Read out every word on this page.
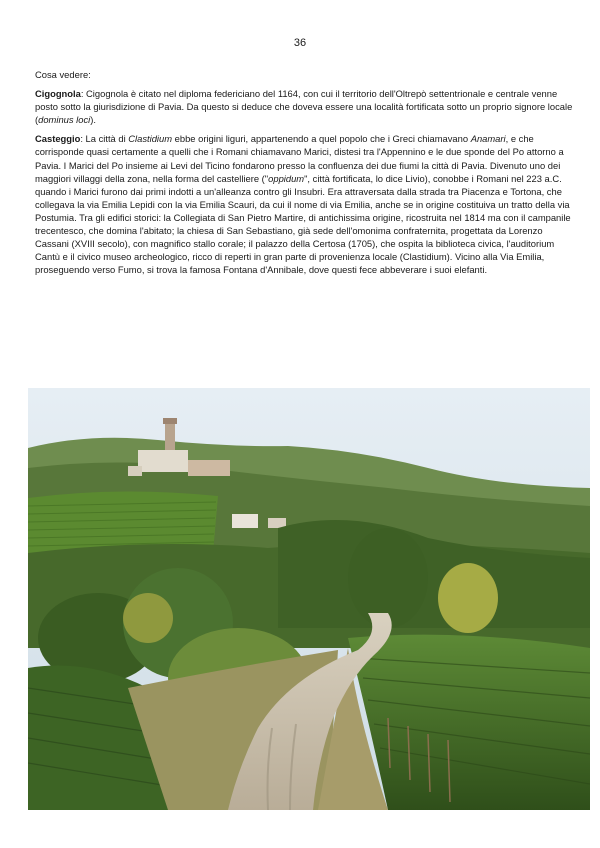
36

Cosa vedere:

Cigognola: Cigognola è citato nel diploma federiciano del 1164, con cui il territorio dell'Oltrepò settentrionale e centrale venne posto sotto la giurisdizione di Pavia. Da questo si deduce che doveva essere una località fortificata sotto un proprio signore locale (dominus loci).

Casteggio: La città di Clastidium ebbe origini liguri, appartenendo a quel popolo che i Greci chiamavano Anamari, e che corrisponde quasi certamente a quelli che i Romani chiamavano Marici, distesi tra l'Appennino e le due sponde del Po attorno a Pavia. I Marici del Po insieme ai Levi del Ticino fondarono presso la confluenza dei due fiumi la città di Pavia. Divenuto uno dei maggiori villaggi della zona, nella forma del castelliere ("oppidum", città fortificata, lo dice Livio), conobbe i Romani nel 223 a.C. quando i Marici furono dai primi indotti a un'alleanza contro gli Insubri. Era attraversata dalla strada tra Piacenza e Tortona, che collegava la via Emilia Lepidi con la via Emilia Scauri, da cui il nome di via Emilia, anche se in origine costituiva un tratto della via Postumia. Tra gli edifici storici: la Collegiata di San Pietro Martire, di antichissima origine, ricostruita nel 1814 ma con il campanile trecentesco, che domina l'abitato; la chiesa di San Sebastiano, già sede dell'omonima confraternita, progettata da Lorenzo Cassani (XVIII secolo), con magnifico stallo corale; il palazzo della Certosa (1705), che ospita la biblioteca civica, l'auditorium Cantù e il civico museo archeologico, ricco di reperti in gran parte di provenienza locale (Clastidium). Vicino alla Via Emilia, proseguendo verso Fumo, si trova la famosa Fontana d'Annibale, dove questi fece abbeverare i suoi elefanti.
